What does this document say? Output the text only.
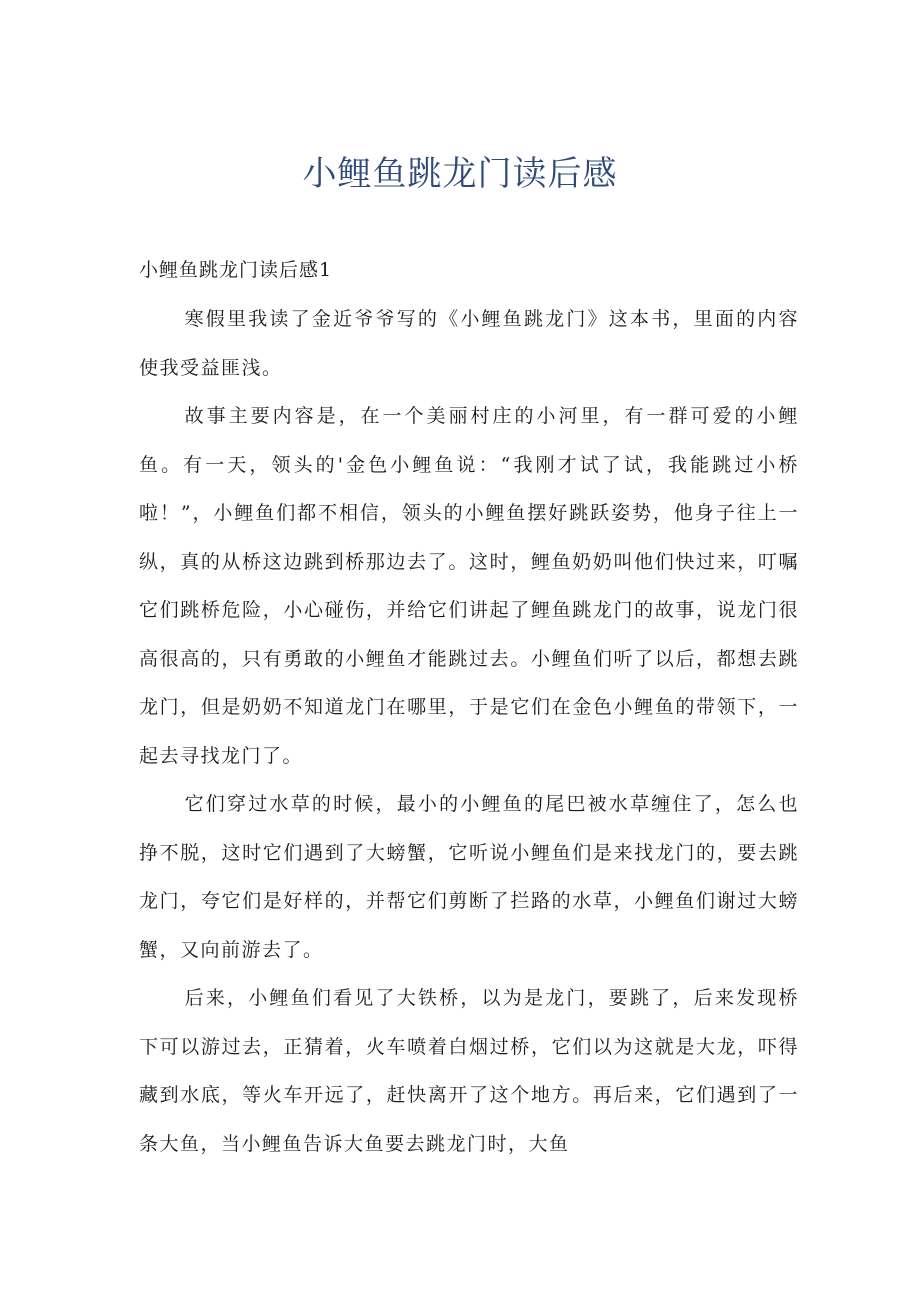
小鲤鱼跳龙门读后感
小鲤鱼跳龙门读后感1

寒假里我读了金近爷爷写的《小鲤鱼跳龙门》这本书，里面的内容使我受益匪浅。

故事主要内容是，在一个美丽村庄的小河里，有一群可爱的小鲤鱼。有一天，领头的'金色小鲤鱼说：“我刚才试了试，我能跳过小桥啦！”，小鲤鱼们都不相信，领头的小鲤鱼摆好跳跃姿势，他身子往上一纵，真的从桥这边跳到桥那边去了。这时，鲤鱼奶奶叫他们快过来，叮嘱它们跳桥危险，小心碰伤，并给它们讲起了鲤鱼跳龙门的故事，说龙门很高很高的，只有勇敢的小鲤鱼才能跳过去。小鲤鱼们听了以后，都想去跳龙门，但是奶奶不知道龙门在哪里，于是它们在金色小鲤鱼的带领下，一起去寻找龙门了。

它们穿过水草的时候，最小的小鲤鱼的尾巴被水草缠住了，怎么也挣不脱，这时它们遇到了大螃蟹，它听说小鲤鱼们是来找龙门的，要去跳龙门，夸它们是好样的，并帮它们剪断了拦路的水草，小鲤鱼们谢过大螃蟹，又向前游去了。

后来，小鲤鱼们看见了大铁桥，以为是龙门，要跳了，后来发现桥下可以游过去，正猜着，火车喷着白烟过桥，它们以为这就是大龙，吓得藏到水底，等火车开远了，赶快离开了这个地方。再后来，它们遇到了一条大鱼，当小鲤鱼告诉大鱼要去跳龙门时，大鱼
